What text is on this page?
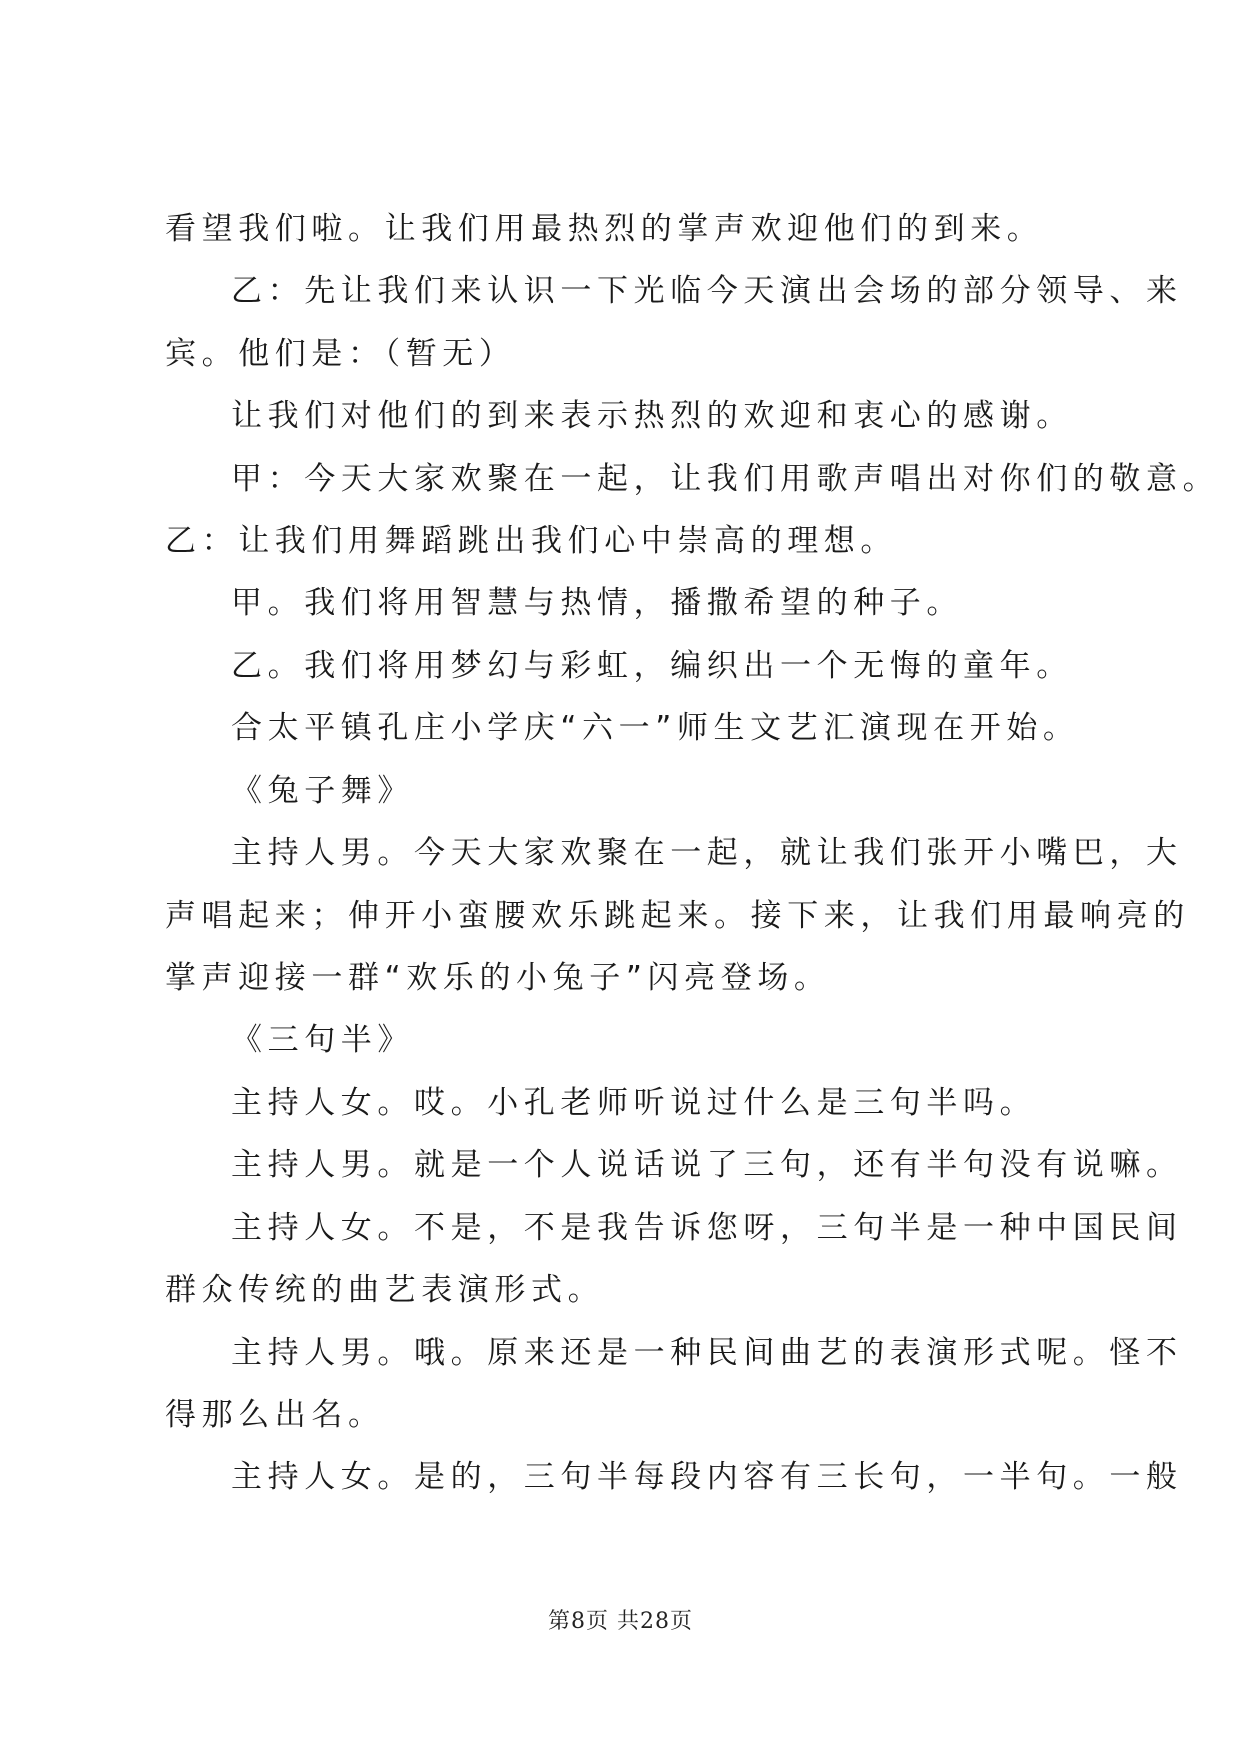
看望我们啦。让我们用最热烈的掌声欢迎他们的到来。
乙：先让我们来认识一下光临今天演出会场的部分领导、来
宾。他们是：（暂无）
让我们对他们的到来表示热烈的欢迎和衷心的感谢。
甲：今天大家欢聚在一起，让我们用歌声唱出对你们的敬意。
乙：让我们用舞蹈跳出我们心中崇高的理想。
甲。我们将用智慧与热情，播撒希望的种子。
乙。我们将用梦幻与彩虹，编织出一个无悔的童年。
合太平镇孔庄小学庆“六一”师生文艺汇演现在开始。
《兔子舞》
主持人男。今天大家欢聚在一起，就让我们张开小嘴巴，大
声唱起来；伸开小蛮腰欢乐跳起来。接下来，让我们用最响亮的
掌声迎接一群“欢乐的小兔子”闪亮登场。
《三句半》
主持人女。哎。小孔老师听说过什么是三句半吗。
主持人男。就是一个人说话说了三句，还有半句没有说嘛。
主持人女。不是，不是我告诉您呀，三句半是一种中国民间
群众传统的曲艺表演形式。
主持人男。哦。原来还是一种民间曲艺的表演形式呢。怪不
得那么出名。
主持人女。是的，三句半每段内容有三长句，一半句。一般
第8页 共28页
